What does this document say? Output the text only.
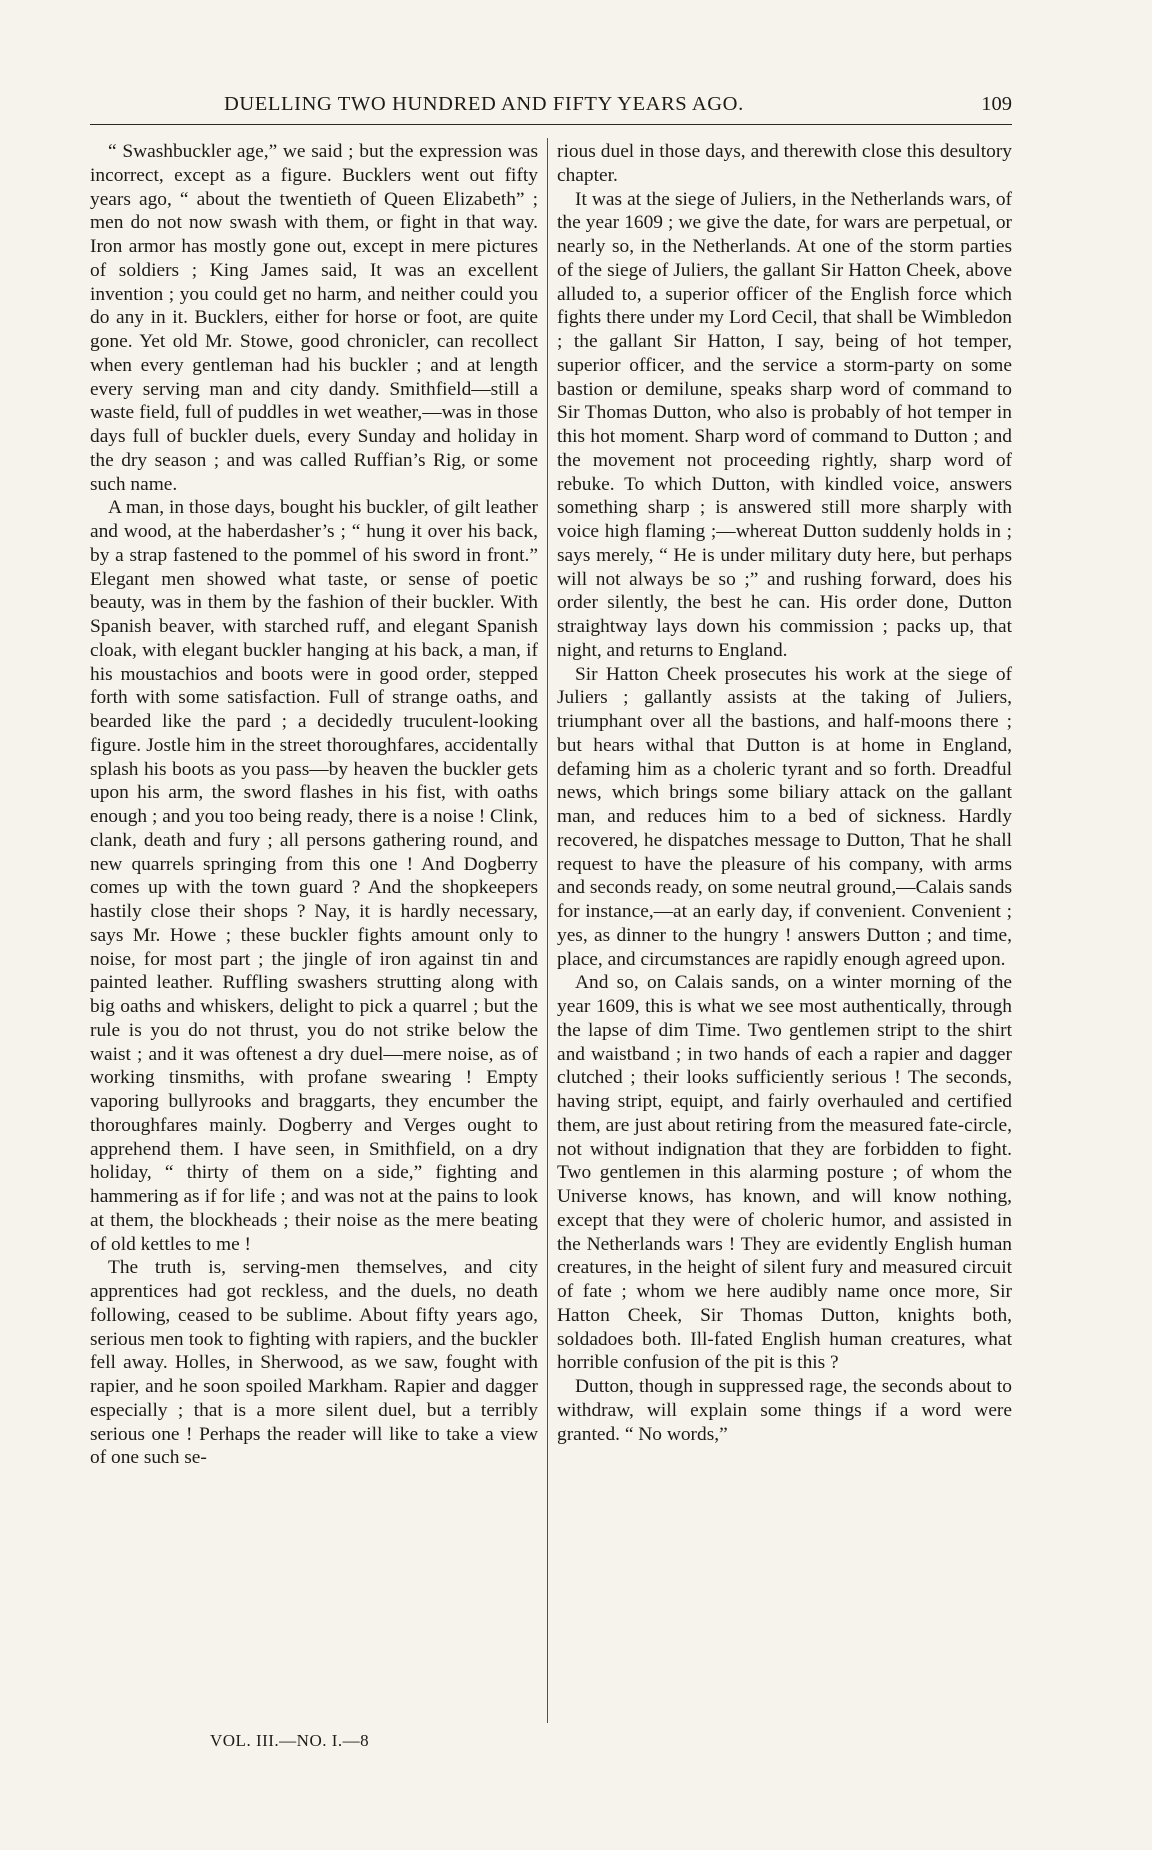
DUELLING TWO HUNDRED AND FIFTY YEARS AGO.	109

“ Swashbuckler age,” we said ; but the expression was incorrect, except as a figure. Bucklers went out fifty years ago, “ about the twentieth of Queen Elizabeth” ; men do not now swash with them, or fight in that way. Iron armor has mostly gone out, except in mere pictures of soldiers ; King James said, It was an excellent invention ; you could get no harm, and neither could you do any in it. Bucklers, either for horse or foot, are quite gone. Yet old Mr. Stowe, good chronicler, can recollect when every gentleman had his buckler ; and at length every serving man and city dandy. Smithfield—still a waste field, full of puddles in wet weather,—was in those days full of buckler duels, every Sunday and holiday in the dry season ; and was called Ruffian’s Rig, or some such name.

A man, in those days, bought his buckler, of gilt leather and wood, at the haberdasher’s ; “ hung it over his back, by a strap fastened to the pommel of his sword in front.” Elegant men showed what taste, or sense of poetic beauty, was in them by the fashion of their buckler. With Spanish beaver, with starched ruff, and elegant Spanish cloak, with elegant buckler hanging at his back, a man, if his moustachios and boots were in good order, stepped forth with some satisfaction. Full of strange oaths, and bearded like the pard ; a decidedly truculent-looking figure. Jostle him in the street thoroughfares, accidentally splash his boots as you pass—by heaven the buckler gets upon his arm, the sword flashes in his fist, with oaths enough ; and you too being ready, there is a noise ! Clink, clank, death and fury ; all persons gathering round, and new quarrels springing from this one ! And Dogberry comes up with the town guard ? And the shopkeepers hastily close their shops ? Nay, it is hardly necessary, says Mr. Howe ; these buckler fights amount only to noise, for most part ; the jingle of iron against tin and painted leather. Ruffling swashers strutting along with big oaths and whiskers, delight to pick a quarrel ; but the rule is you do not thrust, you do not strike below the waist ; and it was oftenest a dry duel—mere noise, as of working tinsmiths, with profane swearing ! Empty vaporing bullyrooks and braggarts, they encumber the thoroughfares mainly. Dogberry and Verges ought to apprehend them. I have seen, in Smithfield, on a dry holiday, “ thirty of them on a side,” fighting and hammering as if for life ; and was not at the pains to look at them, the blockheads ; their noise as the mere beating of old kettles to me !

The truth is, serving-men themselves, and city apprentices had got reckless, and the duels, no death following, ceased to be sublime. About fifty years ago, serious men took to fighting with rapiers, and the buckler fell away. Holles, in Sherwood, as we saw, fought with rapier, and he soon spoiled Markham. Rapier and dagger especially ; that is a more silent duel, but a terribly serious one ! Perhaps the reader will like to take a view of one such se-

rious duel in those days, and therewith close this desultory chapter.

It was at the siege of Juliers, in the Netherlands wars, of the year 1609 ; we give the date, for wars are perpetual, or nearly so, in the Netherlands. At one of the storm parties of the siege of Juliers, the gallant Sir Hatton Cheek, above alluded to, a superior officer of the English force which fights there under my Lord Cecil, that shall be Wimbledon ; the gallant Sir Hatton, I say, being of hot temper, superior officer, and the service a storm-party on some bastion or demilune, speaks sharp word of command to Sir Thomas Dutton, who also is probably of hot temper in this hot moment. Sharp word of command to Dutton ; and the movement not proceeding rightly, sharp word of rebuke. To which Dutton, with kindled voice, answers something sharp ; is answered still more sharply with voice high flaming ;—whereat Dutton suddenly holds in ; says merely, “ He is under military duty here, but perhaps will not always be so ;” and rushing forward, does his order silently, the best he can. His order done, Dutton straightway lays down his commission ; packs up, that night, and returns to England.

Sir Hatton Cheek prosecutes his work at the siege of Juliers ; gallantly assists at the taking of Juliers, triumphant over all the bastions, and half-moons there ; but hears withal that Dutton is at home in England, defaming him as a choleric tyrant and so forth. Dreadful news, which brings some biliary attack on the gallant man, and reduces him to a bed of sickness. Hardly recovered, he dispatches message to Dutton, That he shall request to have the pleasure of his company, with arms and seconds ready, on some neutral ground,—Calais sands for instance,—at an early day, if convenient. Convenient ; yes, as dinner to the hungry ! answers Dutton ; and time, place, and circumstances are rapidly enough agreed upon.

And so, on Calais sands, on a winter morning of the year 1609, this is what we see most authentically, through the lapse of dim Time. Two gentlemen stript to the shirt and waistband ; in two hands of each a rapier and dagger clutched ; their looks sufficiently serious ! The seconds, having stript, equipt, and fairly overhauled and certified them, are just about retiring from the measured fate-circle, not without indignation that they are forbidden to fight. Two gentlemen in this alarming posture ; of whom the Universe knows, has known, and will know nothing, except that they were of choleric humor, and assisted in the Netherlands wars ! They are evidently English human creatures, in the height of silent fury and measured circuit of fate ; whom we here audibly name once more, Sir Hatton Cheek, Sir Thomas Dutton, knights both, soldadoes both. Ill-fated English human creatures, what horrible confusion of the pit is this ?

Dutton, though in suppressed rage, the seconds about to withdraw, will explain some things if a word were granted. “ No words,”

VOL. III.—NO. I.—8
